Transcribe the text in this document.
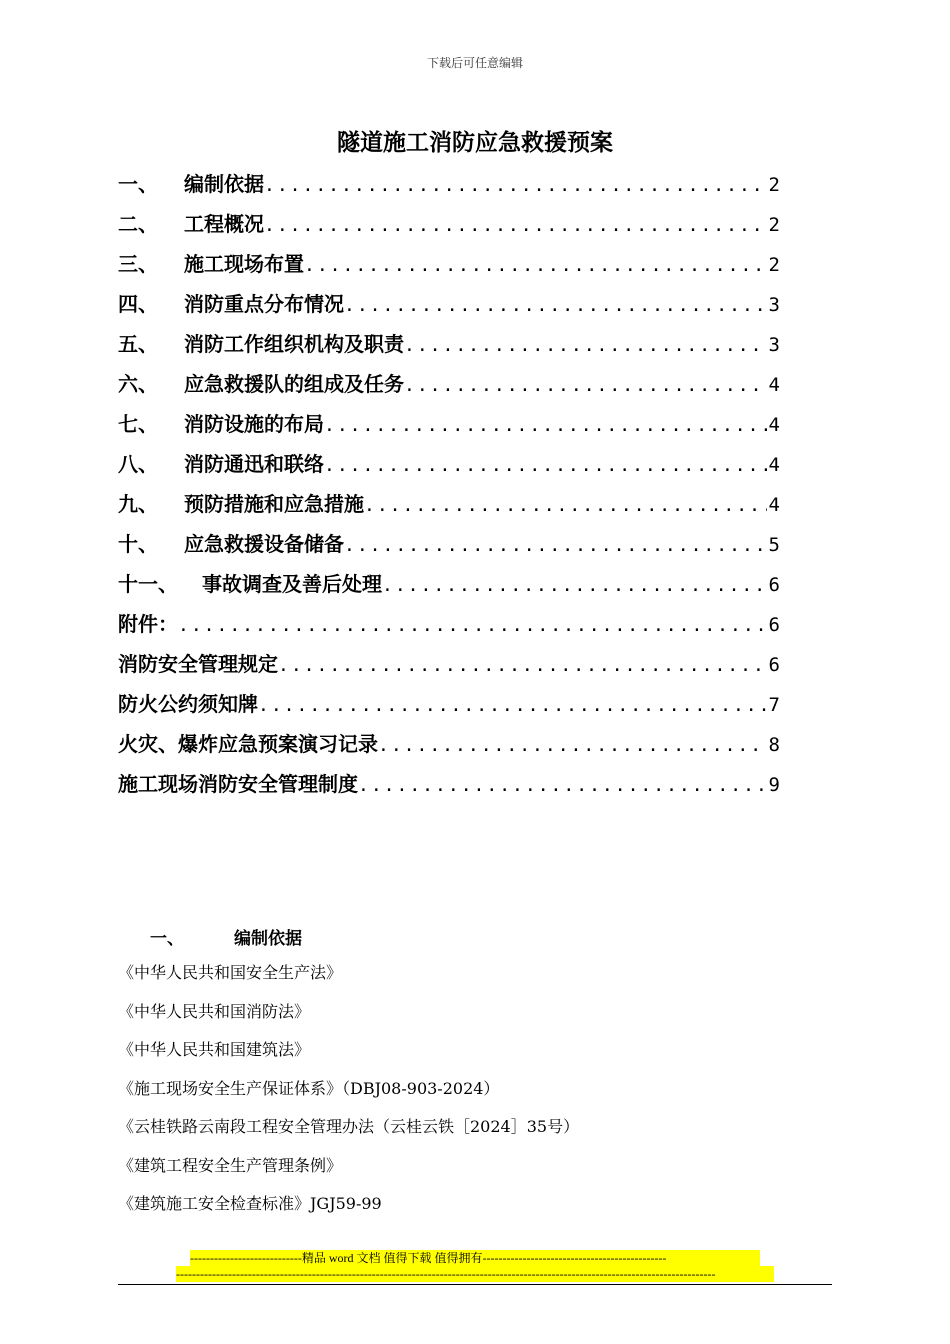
下载后可任意编辑
隧道施工消防应急救援预案
一、	编制依据 .....	2
二、	工程概况 .....	2
三、	施工现场布置 .....	2
四、	消防重点分布情况 .....	3
五、	消防工作组织机构及职责 .....	3
六、	应急救援队的组成及任务 .....	4
七、	消防设施的布局 .....	4
八、	消防通迅和联络 .....	4
九、	预防措施和应急措施 .....	4
十、	应急救援设备储备 .....	5
十一、	事故调查及善后处理 .....	6
附件： .....	6
消防安全管理规定 .....	6
防火公约须知牌 .....	7
火灾、爆炸应急预案演习记录 .....	8
施工现场消防安全管理制度 .....	9
一、	编制依据
《中华人民共和国安全生产法》
《中华人民共和国消防法》
《中华人民共和国建筑法》
《施工现场安全生产保证体系》（DBJ08-903-2024）
《云桂铁路云南段工程安全管理办法（云桂云铁［2024］35号）
《建筑工程安全生产管理条例》
《建筑施工安全检查标准》JGJ59-99
----------------------------精品 word 文档 值得下载 值得拥有----------------------------------------------
---------------------------------------------------------------------------------------------------------------------------------------
